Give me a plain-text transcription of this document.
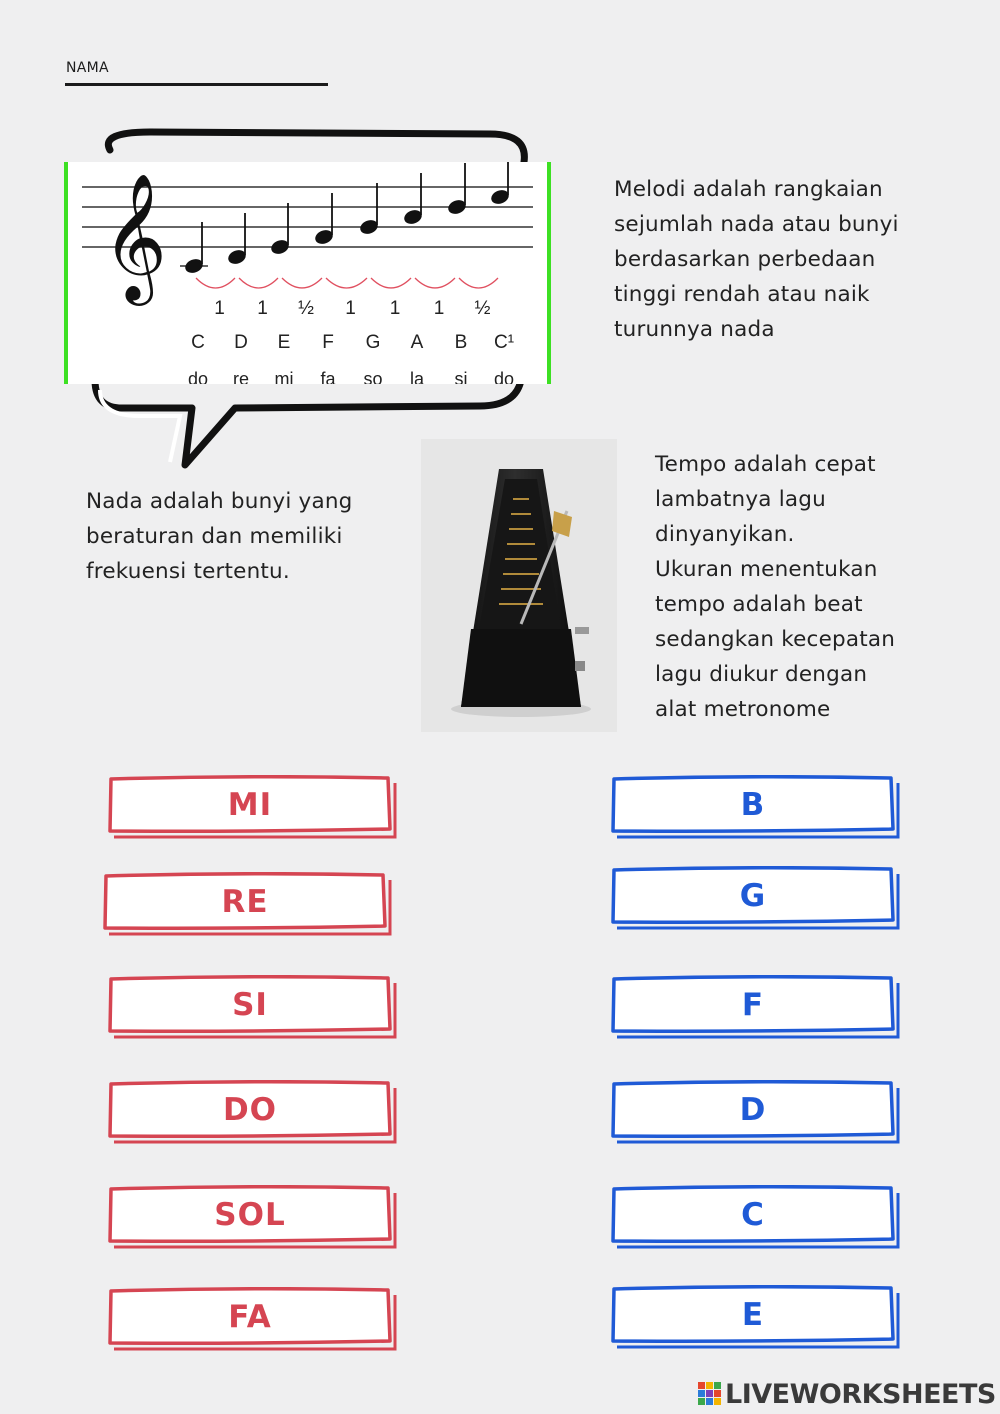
NAMA
𝄞
1 1 ½ 1 1 1 ½
C D E F G A B C¹
do re mi fa so la si do
Melodi adalah rangkaian
sejumlah nada atau bunyi
berdasarkan perbedaan
tinggi rendah atau naik
turunnya nada
Nada adalah bunyi yang
beraturan dan memiliki
frekuensi tertentu.
Tempo adalah cepat
lambatnya lagu
dinyanyikan.
Ukuran menentukan
tempo adalah beat
sedangkan kecepatan
lagu diukur dengan
alat metronome
MI
RE
SI
DO
SOL
FA
B
G
F
D
C
E
LIVEWORKSHEETS
